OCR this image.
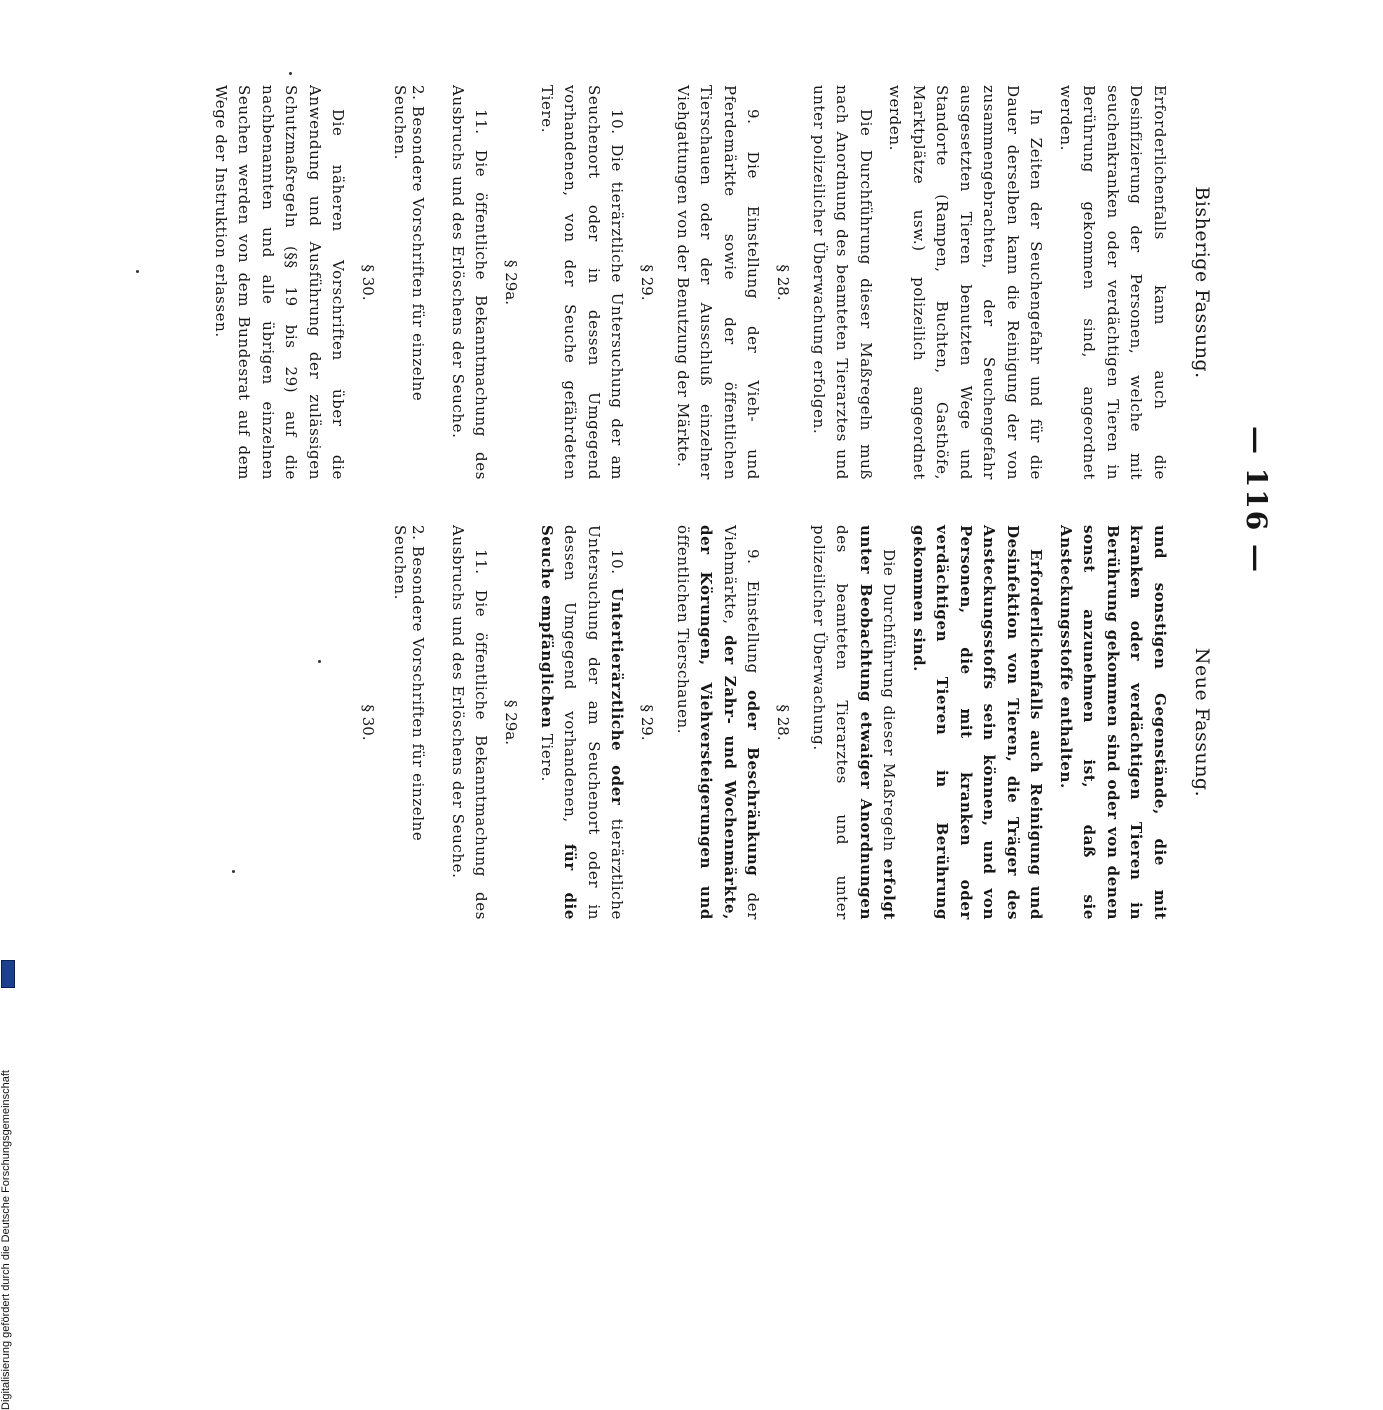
— 116 —
Bisherige Fassung.

Erforderlichenfalls kann auch die Desinfizierung der Personen, welche mit seuchenkranken oder verdächtigen Tieren in Berührung gekommen sind, angeordnet werden.

In Zeiten der Seuchengefahr und für die Dauer derselben kann die Reinigung der von zusammengebrachten, der Seuchengefahr ausgesetzten Tieren benutzten Wege und Standorte (Rampen, Buchten, Gasthöfe, Marktplätze usw.) polizeilich angeordnet werden.

Die Durchführung dieser Maßregeln muß nach Anordnung des beamteten Tierarztes und unter polizeilicher Überwachung erfolgen.

§ 28.

9. Die Einstellung der Vieh- und Pferdemärkte sowie der öffentlichen Tierschauen oder der Ausschluß einzelner Viehgattungen von der Benutzung der Märkte.

§ 29.

10. Die tierärztliche Untersuchung der am Seuchenort oder in dessen Umgegend vorhandenen, von der Seuche gefährdeten Tiere.

§ 29a.

11. Die öffentliche Bekanntmachung des Ausbruchs und des Erlöschens der Seuche.

2. Besondere Vorschriften für einzelne Seuchen.
§ 30.

Die näheren Vorschriften über die Anwendung und Ausführung der zulässigen Schutzmaßregeln (§§ 19 bis 29) auf die nachbenannten und alle übrigen einzelnen Seuchen werden von dem Bundesrat auf dem Wege der Instruktion erlassen.

Neue Fassung.

und sonstigen Gegenstände, die mit kranken oder verdächtigen Tieren in Berührung gekommen sind oder von denen sonst anzunehmen ist, daß sie Ansteckungsstoffe enthalten.

Erforderlichenfalls auch Reinigung und Desinfektion von Tieren, die Träger des Ansteckungsstoffs sein können, und von Personen, die mit kranken oder verdächtigen Tieren in Berührung gekommen sind.

Die Durchführung dieser Maßregeln erfolgt unter Beobachtung etwaiger Anordnungen des beamteten Tierarztes und unter polizeilicher Überwachung.

§ 28.

9. Einstellung oder Beschränkung der Viehmärkte, der Zahr- und Wochenmärkte, der Körungen, Viehversteigerungen und öffentlichen Tierschauen.

§ 29.

10. Untertierärztliche oder tierärztliche Untersuchung der am Seuchenort oder in dessen Umgegend vorhandenen, für die Seuche empfänglichen Tiere.

§ 29a.

11. Die öffentliche Bekanntmachung des Ausbruchs und des Erlöschens der Seuche.

2. Besondere Vorschriften für einzelne Seuchen.
§ 30.
Digitalisierung gefördert durch die Deutsche Forschungsgemeinschaft
